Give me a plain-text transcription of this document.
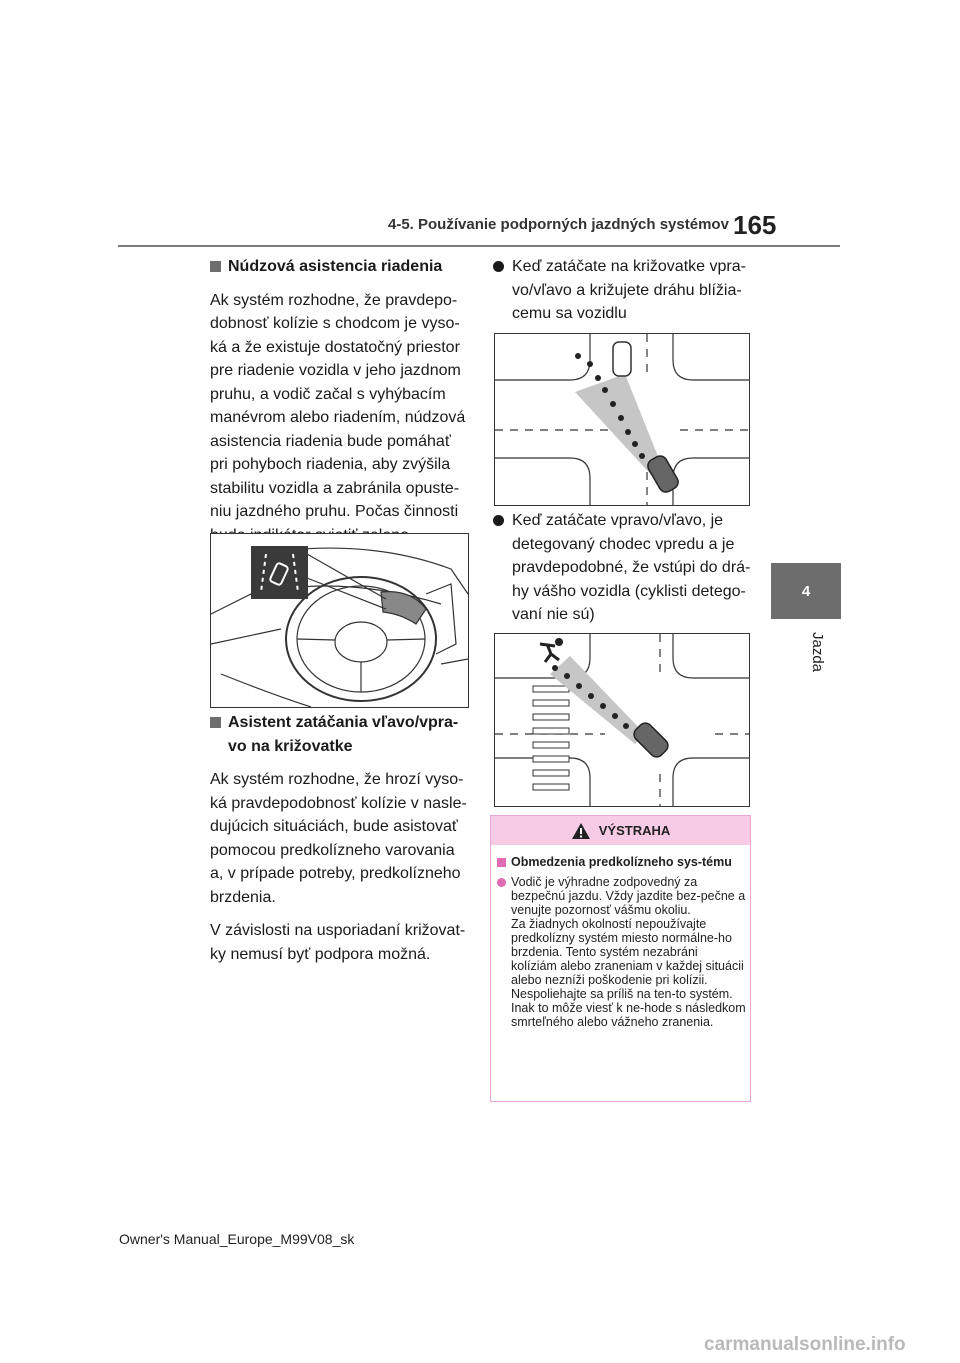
4-5. Používanie podporných jazdných systémov 165
4
Jazda

Núdzová asistencia riadenia

Ak systém rozhodne, že pravdepo-dobnosť kolízie s chodcom je vyso-ká a že existuje dostatočný priestor pre riadenie vozidla v jeho jazdnom pruhu, a vodič začal s vyhýbacím manévrom alebo riadením, núdzová asistencia riadenia bude pomáhať pri pohyboch riadenia, aby zvýšila stabilitu vozidla a zabránila opuste-niu jazdného pruhu. Počas činnosti

Asistent zatáčania vľavo/vpra-vo na križovatke

Ak systém rozhodne, že hrozí vyso-ká pravdepodobnosť kolízie v nasle-dujúcich situáciách, bude asistovať pomocou predkolízneho varovania a, v prípade potreby, predkolízneho brzdenia.

V závislosti na usporiadaní križovat-ky nemusí byť podpora možná.

Keď zatáčate na križovatke vpra-vo/vľavo a križujete dráhu blížia-cemu sa vozidlu

Keď zatáčate vpravo/vľavo, je detegovaný chodec vpredu a je pravdepodobné, že vstúpi do drá-hy vášho vozidla (cyklisti detego-vaní nie sú)

VÝSTRAHA
Obmedzenia predkolízneho sys-tému
Vodič je výhradne zodpovedný za bezpečnú jazdu. Vždy jazdite bez-pečne a venujte pozornosť vášmu okoliu.
Za žiadnych okolností nepoužívajte predkolízny systém miesto normálne-ho brzdenia. Tento systém nezabráni kolíziám alebo zraneniam v každej situácii alebo nezníži poškodenie pri kolízii. Nespoliehajte sa príliš na ten-to systém. Inak to môže viesť k ne-hode s následkom smrteľného alebo vážneho zranenia.
Owner's Manual_Europe_M99V08_sk
carmanualsonline.info
